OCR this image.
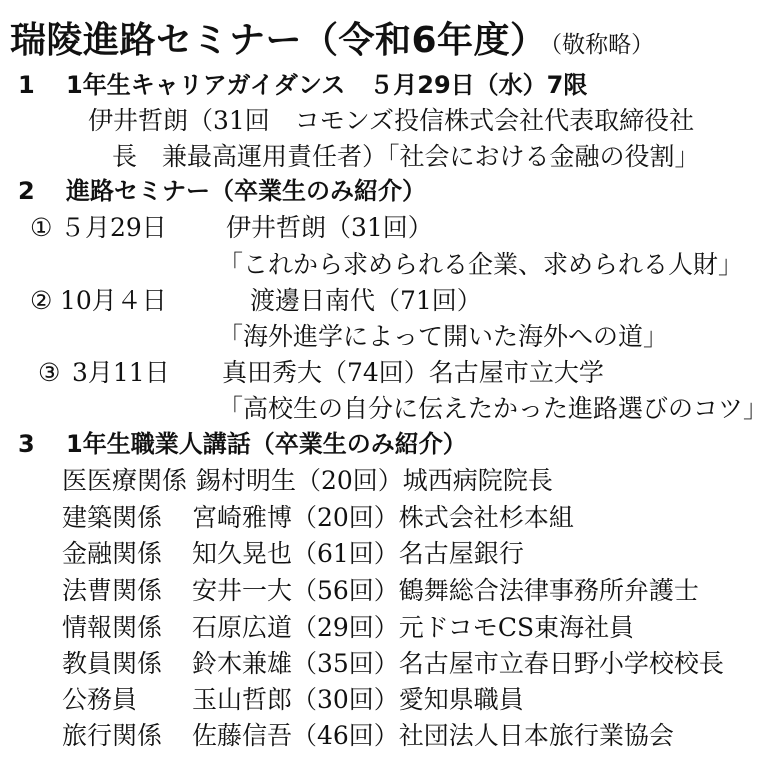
瑞陵進路セミナー（令和6年度） （敬称略）
1 1年生キャリアガイダンス　５月29日（水）7限
伊井哲朗（31回　コモンズ投信株式会社代表取締役社
長　兼最高運用責任者）「社会における金融の役割」
2 進路セミナー（卒業生のみ紹介）
① ５月29日 伊井哲朗（31回）
「これから求められる企業、求められる人財」
② 10月４日	渡邊日南代（71回）
「海外進学によって開いた海外への道」
③ 3月11日 真田秀大（74回）名古屋市立大学
「高校生の自分に伝えたかった進路選びのコツ」
3 1年生職業人講話（卒業生のみ紹介）
医医療関係 錫村明生（20回）城西病院院長
建築関係 宮崎雅博（20回）株式会社杉本組
金融関係 知久晃也（61回）名古屋銀行
法曹関係 安井一大（56回）鶴舞総合法律事務所弁護士
情報関係 石原広道（29回）元ドコモCS東海社員
教員関係 鈴木兼雄（35回）名古屋市立春日野小学校校長
公務員 玉山哲郎（30回）愛知県職員
旅行関係 佐藤信吾（46回）社団法人日本旅行業協会
